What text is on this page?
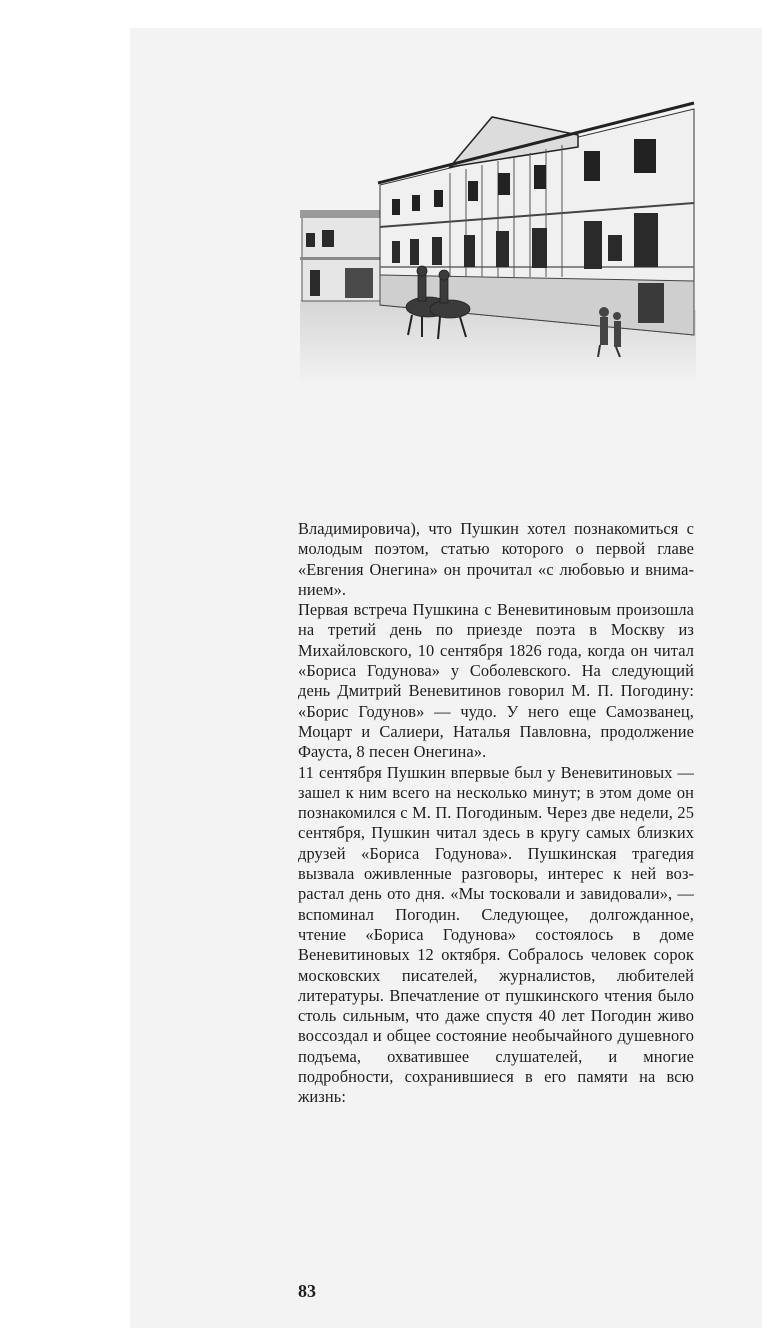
Владимировича), что Пушкин хотел познакомиться с молодым поэтом, статью которого о первой главе «Евгения Онегина» он прочитал «с любовью и вниманием».

Первая встреча Пушкина с Веневитиновым произошла на третий день по приезде поэта в Москву из Михайловского, 10 сентября 1826 года, когда он читал «Бориса Годунова» у Соболевского. На следующий день Дмитрий Веневитинов говорил М. П. Погодину: «Борис Годунов» — чудо. У него еще Самозванец, Моцарт и Салиери, Наталья Павловна, продолжение Фауста, 8 песен Онегина».

11 сентября Пушкин впервые был у Веневитиновых — зашел к ним всего на несколько минут; в этом доме он познакомился с М. П. Погодиным. Через две недели, 25 сентября, Пушкин читал здесь в кругу самых близких друзей «Бориса Годунова». Пушкинская трагедия вызвала оживленные разговоры, интерес к ней возрастал день ото дня. «Мы тосковали и завидовали», — вспоминал Погодин. Следующее, долгожданное, чтение «Бориса Годунова» состоялось в доме Веневитиновых 12 октября. Собралось человек сорок московских писателей, журналистов, любителей литературы. Впечатление от пушкинского чтения было столь сильным, что даже спустя 40 лет Погодин живо воссоздал и общее состояние необычайного душевного подъема, охватившее слушателей, и многие подробности, сохранившиеся в его памяти на всю жизнь:

83
